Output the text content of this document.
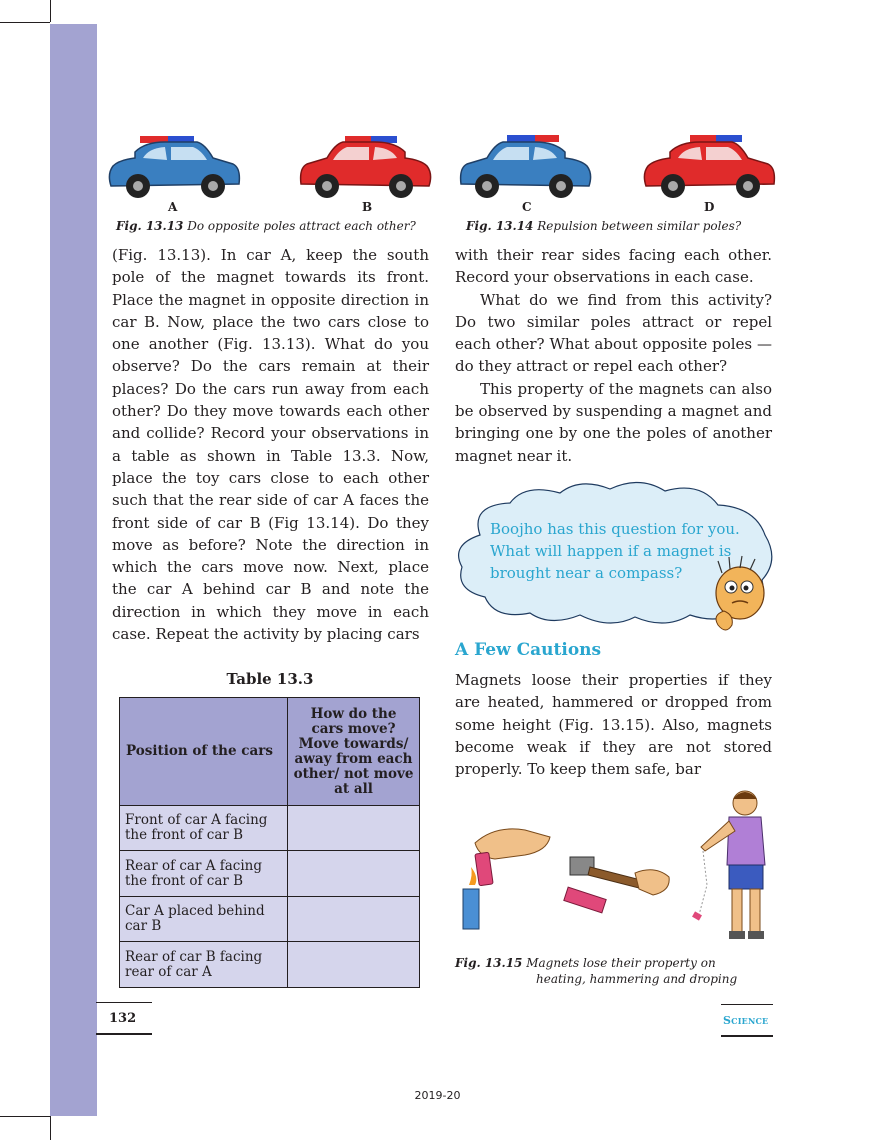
A	B	C	D
Fig. 13.13 Do opposite poles attract each other?	Fig. 13.14 Repulsion between similar poles?

(Fig. 13.13). In car A, keep the south pole of the magnet towards its front. Place the magnet in opposite direction in car B. Now, place the two cars close to one another (Fig. 13.13). What do you observe? Do the cars remain at their places? Do the cars run away from each other? Do they move towards each other and collide? Record your observations in a table as shown in Table 13.3. Now, place the toy cars close to each other such that the rear side of car A faces the front side of car B (Fig 13.14). Do they move as before? Note the direction in which the cars move now. Next, place the car A behind car B and note the direction in which they move in each case. Repeat the activity by placing cars

with their rear sides facing each other. Record your observations in each case.

What do we find from this activity? Do two similar poles attract or repel each other? What about opposite poles — do they attract or repel each other?

This property of the magnets can also be observed by suspending a magnet and bringing one by one the poles of another magnet near it.

Table 13.3
Position of the cars	How do the cars move? Move towards/ away from each other/ not move at all
Front of car A facing the front of car B	
Rear of car A facing the front of car B	
Car A placed behind car B	
Rear of car B facing rear of car A	
Boojho has this question for you. What will happen if a magnet is brought near a compass?
A Few Cautions

Magnets loose their properties if they are heated, hammered or dropped from some height (Fig. 13.15). Also, magnets become weak if they are not stored properly. To keep them safe, bar

Fig. 13.15 Magnets lose their property on
heating, hammering and droping
132	Science
2019-20
